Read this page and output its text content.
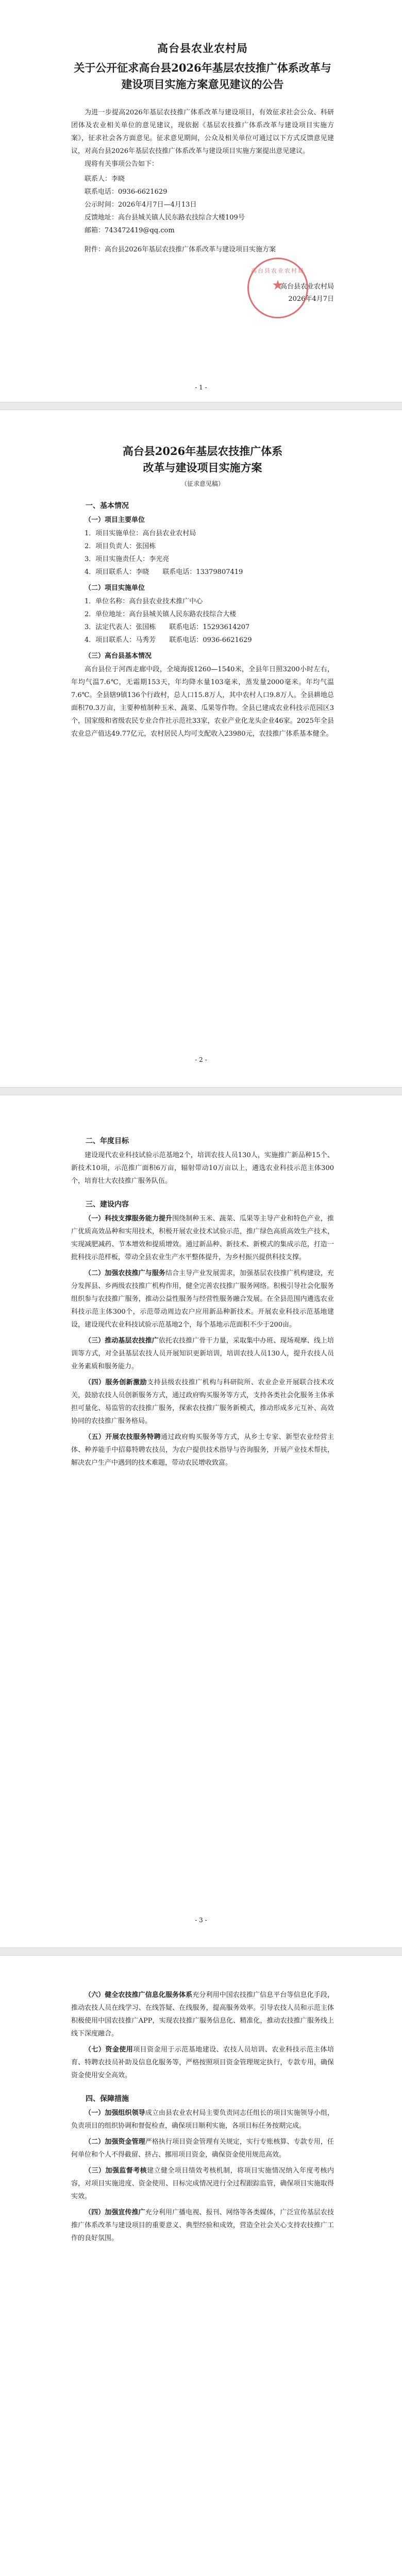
高台县农业农村局
关于公开征求高台县2026年基层农技推广体系改革与建设项目实施方案意见建议的公告

为进一步提高2026年基层农技推广体系改革与建设项目，有效征求社会公众、科研团体及农业相关单位的意见建议，现依据《基层农技推广体系改革与建设项目实施方案》，征求社会各方面意见。征求意见期间，公众及相关单位可通过以下方式反馈意见建议，对高台县2026年基层农技推广体系改革与建设项目实施方案提出意见建议。

现将有关事项公告如下：

联系人：李晓

联系电话：0936-6621629

公示时间：2026年4月7日—4月13日

反馈地址：高台县城关镇人民东路农技综合大楼109号

邮箱：743472419@qq.com

附件：高台县2026年基层农技推广体系改革与建设项目实施方案

高台县农业农村局

2026年4月7日

高台县农业农村局
★
- 1 -
高台县2026年基层农技推广体系
改革与建设项目实施方案
（征求意见稿）
一、基本情况
（一）项目主要单位

1．项目实施单位：高台县农业农村局

2．项目负责人：张国栋

3．项目实施责任人：李光亮

4．项目联系人：李晓　　 联系电话：13379807419

（二）项目实施单位

1．单位名称：高台县农业技术推广中心

2．单位地址：高台县城关镇人民东路农技综合大楼

3．法定代表人：张国栋　　 联系电话：15293614207

4．项目联系人：马秀芳　　 联系电话：0936-6621629

（三）高台县基本情况

高台县位于河西走廊中段，全境海拔1260—1540米，全县年日照3200小时左右，年均气温7.6℃，无霜期153天，年均降水量103毫米，蒸发量2000毫米。年均气温7.6℃。全县辖9镇136个行政村，总人口15.8万人，其中农村人口9.8万人。全县耕地总面积70.3万亩，主要种植制种玉米、蔬菜、瓜果等作物。全县已建成农业科技示范园区3个，国家级和省级农民专业合作社示范社33家，农业产业化龙头企业46家。2025年全县农业总产值达49.77亿元，农村居民人均可支配收入23980元，农技推广体系基本健全。

- 2 -
二、年度目标

建设现代农业科技试验示范基地2个，培训农技人员130人，实施推广新品种15个、新技术10项，示范推广面积6万亩，辐射带动10万亩以上，遴选农业科技示范主体300个，培育壮大农技推广服务队伍。

三、建设内容

（一）科技支撑服务能力提升围绕制种玉米、蔬菜、瓜果等主导产业和特色产业，推广优质高效品种和实用技术，积极开展农业技术试验示范，推广绿色高质高效生产技术，实现减肥减药、节本增效和提质增效。通过新品种、新技术、新模式的集成示范，打造一批科技示范样板，带动全县农业生产水平整体提升，为乡村振兴提供科技支撑。

（二）加强农技推广与服务结合主导产业发展需求，加强基层农技推广机构建设，充分发挥县、乡两级农技推广机构作用，健全完善农技推广服务网络。积极引导社会化服务组织参与农技推广服务，推动公益性服务与经营性服务融合发展。在全县范围内遴选农业科技示范主体300个，示范带动周边农户应用新品种新技术。开展农业科技示范基地建设，建设现代农业科技试验示范基地2个，每个基地示范面积不少于200亩。

（三）推动基层农技推广依托农技推广骨干力量，采取集中办班、现场观摩、线上培训等方式，对全县基层农技人员开展知识更新培训，培训农技人员130人，提升农技人员业务素质和服务能力。

（四）服务创新激励支持县级农技推广机构与科研院所、农业企业开展联合技术攻关，鼓励农技人员创新服务方式，通过政府购买服务等方式，支持各类社会化服务主体承担可量化、易监管的农技推广服务，探索农技推广服务新模式，推动形成多元互补、高效协同的农技推广服务格局。

（五）开展农技服务特聘通过政府购买服务等方式，从乡土专家、新型农业经营主体、种养能手中招募特聘农技员，为农户提供技术指导与咨询服务，开展产业技术帮扶，解决农户生产中遇到的技术难题，带动农民增收致富。

- 3 -

（六）健全农技推广信息化服务体系充分利用中国农技推广信息平台等信息化手段，推动农技人员在线学习、在线答疑、在线服务，提高服务效率。引导农技人员和示范主体积极使用中国农技推广APP，实现农技推广服务信息化、精准化，推动农技推广服务线上线下深度融合。

（七）资金使用项目资金用于示范基地建设、农技人员培训、农业科技示范主体培育、特聘农技员补助及信息化服务等，严格按照项目资金管理规定执行，专款专用，确保资金使用安全高效。

四、保障措施

（一）加强组织领导成立由县农业农村局主要负责同志任组长的项目实施领导小组，负责项目的组织协调和督促检查，确保项目顺利实施，各项目标任务按期完成。

（二）加强资金管理严格执行项目资金管理有关规定，实行专账核算、专款专用，任何单位和个人不得截留、挤占、挪用项目资金，确保资金使用规范高效。

（三）加强监督考核建立健全项目绩效考核机制，将项目实施情况纳入年度考核内容，对项目实施进度、资金使用、目标完成情况进行全过程跟踪监管，确保项目实施取得实效。

（四）加强宣传推广充分利用广播电视、报刊、网络等各类媒体，广泛宣传基层农技推广体系改革与建设项目的重要意义、典型经验和成效，营造全社会关心支持农技推广工作的良好氛围。
